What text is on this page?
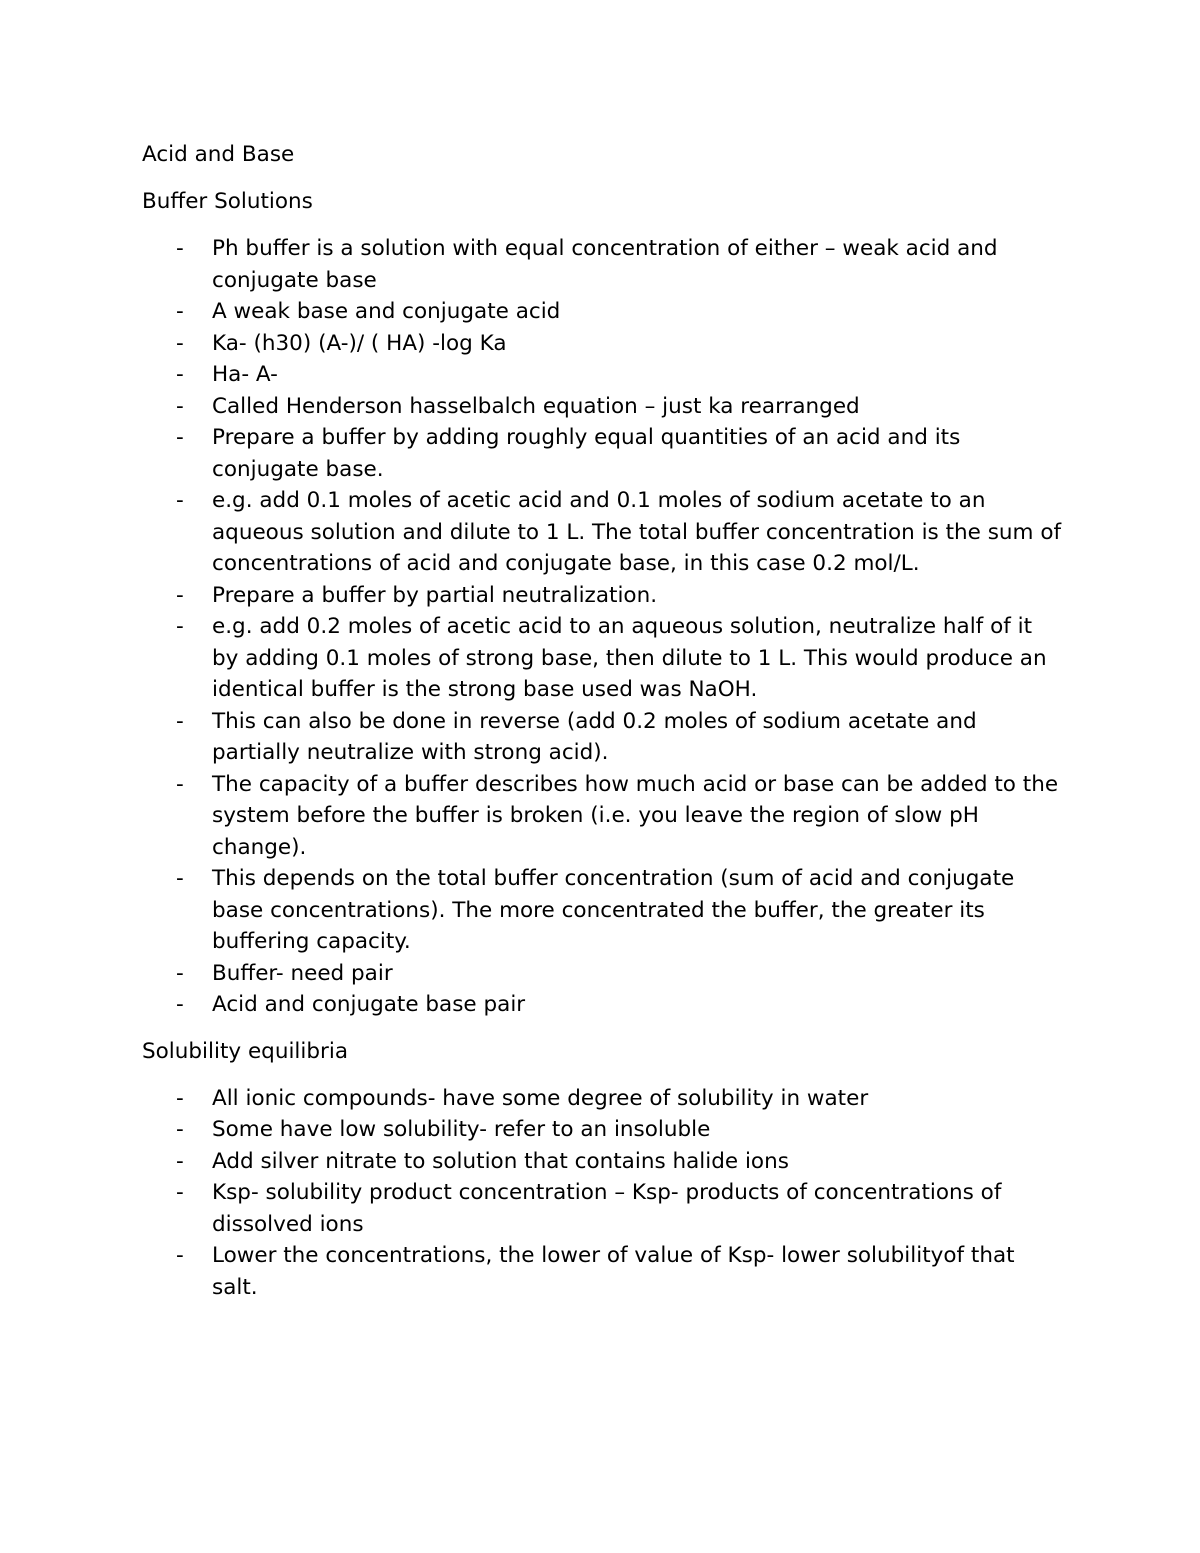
Acid and Base
Buffer Solutions
- Ph buffer is a solution with equal concentration of either – weak acid and conjugate base
- A weak base and conjugate acid
- Ka- (h30) (A-)/ ( HA) -log Ka
- Ha- A-
- Called Henderson hasselbalch equation – just ka rearranged
- Prepare a buffer by adding roughly equal quantities of an acid and its conjugate base.
- e.g. add 0.1 moles of acetic acid and 0.1 moles of sodium acetate to an aqueous solution and dilute to 1 L. The total buffer concentration is the sum of concentrations of acid and conjugate base, in this case 0.2 mol/L.
- Prepare a buffer by partial neutralization.
- e.g. add 0.2 moles of acetic acid to an aqueous solution, neutralize half of it by adding 0.1 moles of strong base, then dilute to 1 L. This would produce an identical buffer is the strong base used was NaOH.
- This can also be done in reverse (add 0.2 moles of sodium acetate and partially neutralize with strong acid).
- The capacity of a buffer describes how much acid or base can be added to the system before the buffer is broken (i.e. you leave the region of slow pH change).
- This depends on the total buffer concentration (sum of acid and conjugate base concentrations). The more concentrated the buffer, the greater its buffering capacity.
- Buffer- need pair
- Acid and conjugate base pair
Solubility equilibria
- All ionic compounds- have some degree of solubility in water
- Some have low solubility- refer to an insoluble
- Add silver nitrate to solution that contains halide ions
- Ksp- solubility product concentration – Ksp- products of concentrations of dissolved ions
- Lower the concentrations, the lower of value of Ksp- lower solubilityof that salt.
